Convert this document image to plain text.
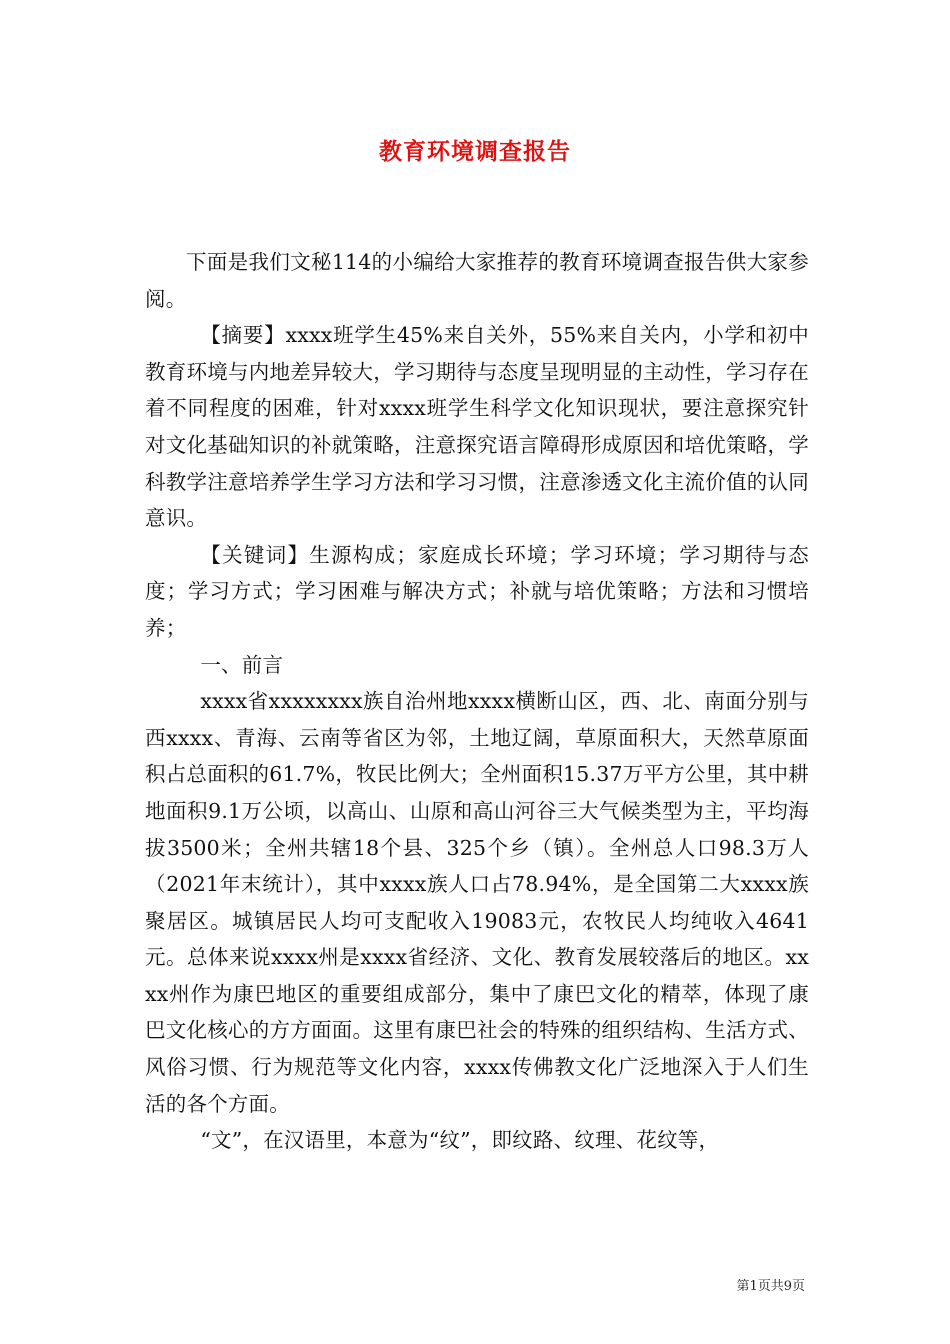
教育环境调查报告

下面是我们文秘114的小编给大家推荐的教育环境调查报告供大家参阅。

【摘要】xxxx班学生45%来自关外，55%来自关内，小学和初中教育环境与内地差异较大，学习期待与态度呈现明显的主动性，学习存在着不同程度的困难，针对xxxx班学生科学文化知识现状，要注意探究针对文化基础知识的补就策略，注意探究语言障碍形成原因和培优策略，学科教学注意培养学生学习方法和学习习惯，注意渗透文化主流价值的认同意识。

【关键词】生源构成；家庭成长环境；学习环境；学习期待与态度；学习方式；学习困难与解决方式；补就与培优策略；方法和习惯培养；

一、前言

xxxx省xxxxxxxx族自治州地xxxx横断山区，西、北、南面分别与西xxxx、青海、云南等省区为邻，土地辽阔，草原面积大，天然草原面积占总面积的61.7%，牧民比例大；全州面积15.37万平方公里，其中耕地面积9.1万公顷，以高山、山原和高山河谷三大气候类型为主，平均海拔3500米；全州共辖18个县、325个乡（镇）。全州总人口98.3万人（2021年末统计），其中xxxx族人口占78.94%，是全国第二大xxxx族聚居区。城镇居民人均可支配收入19083元，农牧民人均纯收入4641元。总体来说xxxx州是xxxx省经济、文化、教育发展较落后的地区。xxxx州作为康巴地区的重要组成部分，集中了康巴文化的精萃，体现了康巴文化核心的方方面面。这里有康巴社会的特殊的组织结构、生活方式、风俗习惯、行为规范等文化内容，xxxx传佛教文化广泛地深入于人们生活的各个方面。

“文”，在汉语里，本意为“纹”，即纹路、纹理、花纹等，

第1页共9页
